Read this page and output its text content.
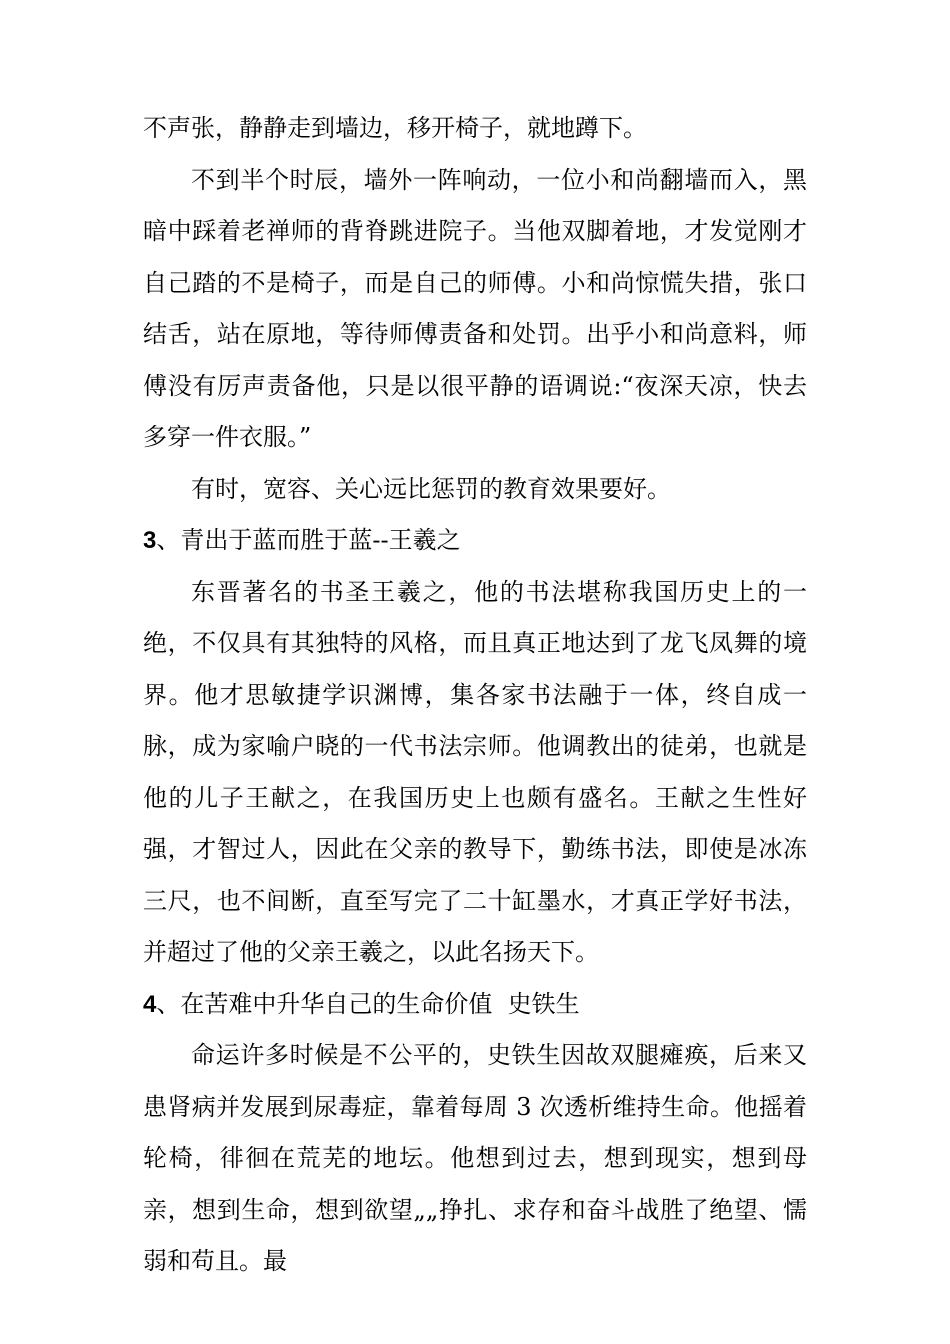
不声张，静静走到墙边，移开椅子，就地蹲下。

不到半个时辰，墙外一阵响动，一位小和尚翻墙而入，黑暗中踩着老禅师的背脊跳进院子。当他双脚着地，才发觉刚才自己踏的不是椅子，而是自己的师傅。小和尚惊慌失措，张口结舌，站在原地，等待师傅责备和处罚。出乎小和尚意料，师傅没有厉声责备他，只是以很平静的语调说:“夜深天凉，快去多穿一件衣服。”

有时，宽容、关心远比惩罚的教育效果要好。

3、青出于蓝而胜于蓝--王羲之

东晋著名的书圣王羲之，他的书法堪称我国历史上的一绝，不仅具有其独特的风格，而且真正地达到了龙飞凤舞的境界。他才思敏捷学识渊博，集各家书法融于一体，终自成一脉，成为家喻户晓的一代书法宗师。他调教出的徒弟，也就是他的儿子王献之，在我国历史上也颇有盛名。王献之生性好强，才智过人，因此在父亲的教导下，勤练书法，即使是冰冻三尺，也不间断，直至写完了二十缸墨水，才真正学好书法，并超过了他的父亲王羲之，以此名扬天下。

4、在苦难中升华自己的生命价值  史铁生

命运许多时候是不公平的，史铁生因故双腿瘫痪，后来又患肾病并发展到尿毒症，靠着每周 3 次透析维持生命。他摇着轮椅，徘徊在荒芜的地坛。他想到过去，想到现实，想到母亲，想到生命，想到欲望„„挣扎、求存和奋斗战胜了绝望、懦弱和苟且。最
